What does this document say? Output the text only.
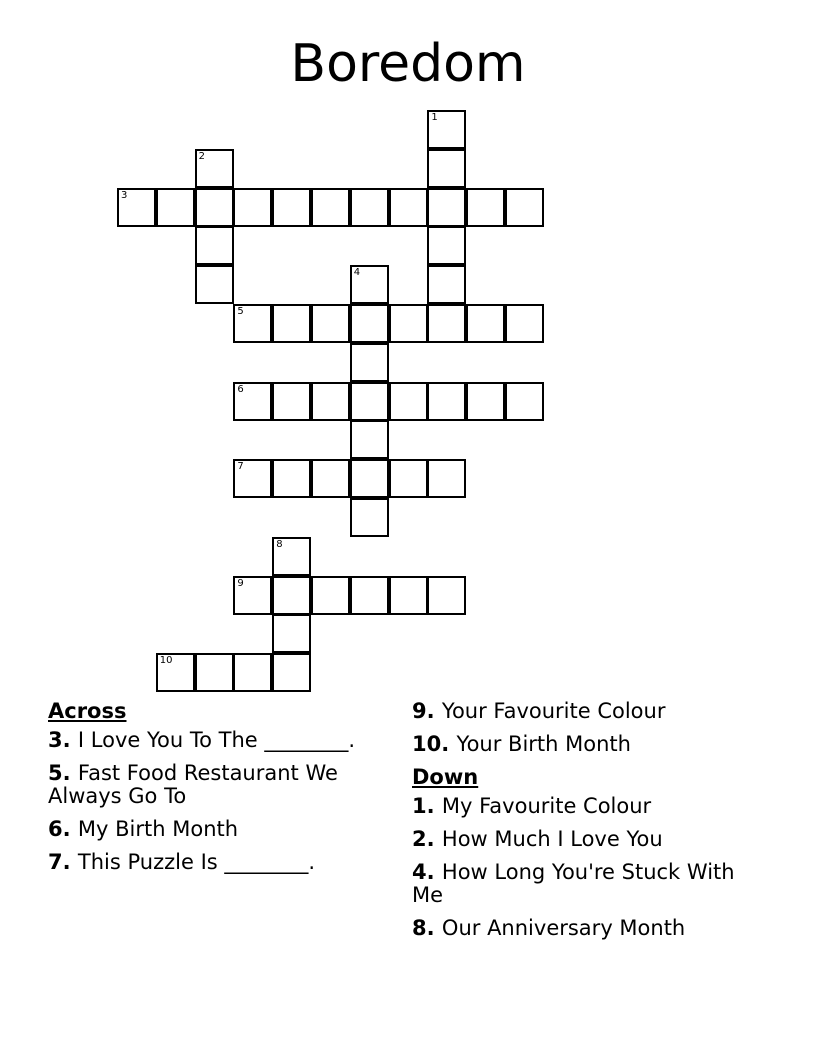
Boredom
1
2
3
4
5
6
7
8
9
10
Across
3. I Love You To The ________.
5. Fast Food Restaurant We Always Go To
6. My Birth Month
7. This Puzzle Is ________.
9. Your Favourite Colour
10. Your Birth Month
Down
1. My Favourite Colour
2. How Much I Love You
4. How Long You're Stuck With Me
8. Our Anniversary Month
